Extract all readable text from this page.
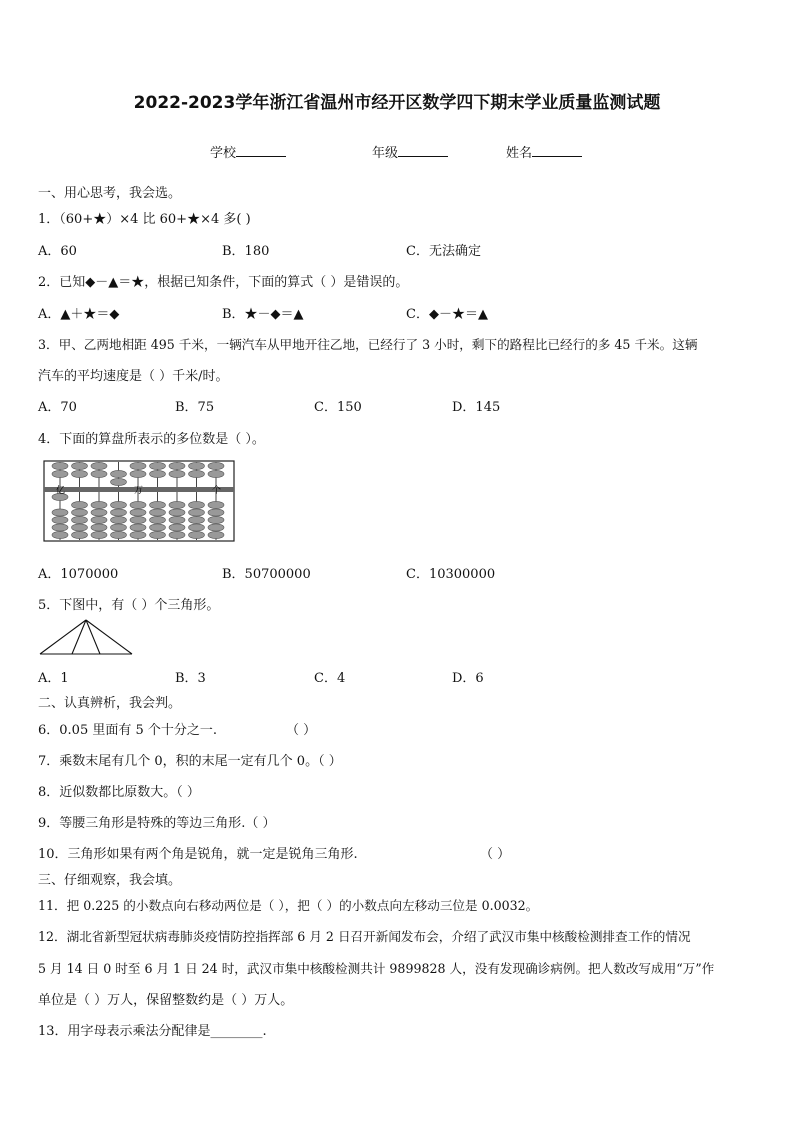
2022-2023学年浙江省温州市经开区数学四下期末学业质量监测试题
学校	年级	姓名
一、用心思考，我会选。
1．（60+★）×4 比 60+★×4 多( )
A．60	B．180	C．无法确定
2．已知◆－▲＝★，根据已知条件，下面的算式（ ）是错误的。
A．▲＋★＝◆	B．★－◆＝▲	C．◆－★＝▲
3．甲、乙两地相距 495 千米，一辆汽车从甲地开往乙地，已经行了 3 小时，剩下的路程比已经行的多 45 千米。这辆
汽车的平均速度是（ ）千米/时。
A．70	B．75	C．150	D．145
4．下面的算盘所表示的多位数是（ ）。
亿	万	个
A．1070000	B．50700000	C．10300000
5．下图中，有（ ）个三角形。
A．1	B．3	C．4	D．6
二、认真辨析，我会判。
6．0.05 里面有 5 个十分之一.	（ ）
7．乘数末尾有几个 0，积的末尾一定有几个 0。（ ）
8．近似数都比原数大。（ ）
9．等腰三角形是特殊的等边三角形.（ ）
10．三角形如果有两个角是锐角，就一定是锐角三角形.	（ ）
三、仔细观察，我会填。
11．把 0.225 的小数点向右移动两位是（ ），把（ ）的小数点向左移动三位是 0.0032。
12．湖北省新型冠状病毒肺炎疫情防控指挥部 6 月 2 日召开新闻发布会，介绍了武汉市集中核酸检测排查工作的情况
5 月 14 日 0 时至 6 月 1 日 24 时，武汉市集中核酸检测共计 9899828 人，没有发现确诊病例。把人数改写成用“万”作
单位是（ ）万人，保留整数约是（ ）万人。
13．用字母表示乘法分配律是________.
